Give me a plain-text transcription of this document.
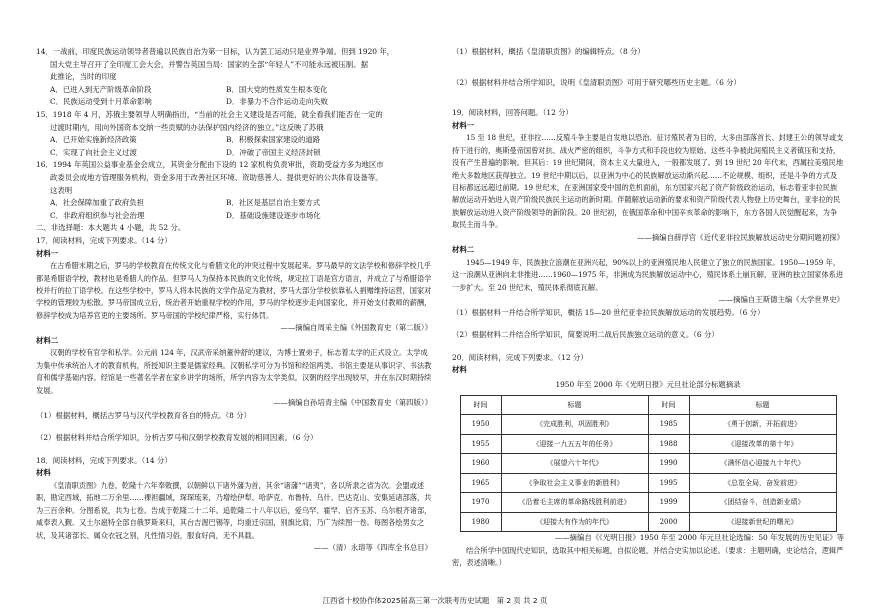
14．一战前，印度民族运动领导者普遍以民族自治为第一目标，认为罢工运动只是业界争端。但到 1920 年，

国大党主导召开了全印度工会大会，并警告英国当局：国家的全部“年轻人”不可能永远被压制。据

此推论，当时的印度

A．已进入到无产阶级革命阶段	B．国大党的性质发生根本变化
C．民族运动受到十月革命影响	D．非暴力不合作运动走向失败

15．1918 年 4 月，苏俄主要领导人明确指出，“当前的社会主义建设是否可能，就全看我们能否在一定的

过渡时期内，用向外国资本交纳一些贡赋的办法保护国内经济的独立。”这反映了苏俄

A．已开始实施新经济政策	B．积极探索国家建设的道路
C．实现了向社会主义过渡	D．冲破了帝国主义经济封锁

16．1994 年英国公益事业基金会成立，其资金分配由下设的 12 家机构负责审批，资助受益方多为地区市

政委员会成地方管理服务机构，资金多用于改善社区环境、资助慈善人、提供更好的公共体育设备等。

这表明

A．社会保障加重了政府负担	B．社区是基层自治主要方式
C．非政府组织参与社会治理	D．基础设施建设逐步市场化

二、非选择题：本大题共 4 小题，共 52 分。

17．阅读材料，完成下列要求。（14 分）

材料一

在古希腊末期之后，罗马的学校教育在传统文化与希腊文化的冲突过程中发展起来。罗马最早的文法学校和修辞学校几乎都是希腊语学校，教材也是希腊人的作品。但罗马人为保持本民族的文化传统，规定拉丁语是官方语言，并成立了与希腊语学校并行的拉丁语学校。在这些学校中，罗马人将本民族的文学作品定为教材，罗马大部分学校依靠私人捐赠维持运营，国家对学校的管理较为松散。罗马帝国成立后，统治者开始重视学校的作用，罗马的学校逐步走向国家化，并开始支付教师的薪酬，修辞学校成为培养官吏的主要场所。罗马帝国的学校纪律严格，实行体罚。

——摘编自周采主编《外国教育史（第二版）》

材料二

汉朝的学校有官学和私学。公元前 124 年，汉武帝采纳董仲舒的建议，为博士置弟子，标志着太学的正式设立。太学成为集中传承统治人才的教育机构，所授知识主要是儒家经典。汉朝私学可分为书馆和经馆两类。书馆主要是从事识字、书法教育和儒学基础内容。经馆是一些著名学者在家乡讲学的场所，所学内容为太学类似。汉朝的经学出现较早，并在东汉时期持续发展。

——摘编自孙培青主编《中国教育史（第四版）》

（1）根据材料，概括古罗马与汉代学校教育各自的特点。（8 分）

（2）根据材料并结合所学知识，分析古罗马和汉朝学校教育发展的相同因素。（6 分）

18．阅读材料，完成下列要求。（14 分）

材料

《皇清职贡图》九卷，乾隆十六年奉敕撰，以朝鲜以下诸外藩为首，其余“诸藩”“诸夷”，各以所隶之省为次。会盟或述职，勘定西域，拓地二万余里……裸袒疆域，琛琛琉来，乃增绘伊犁、哈萨克、布鲁特、乌什、巴达克山、安集延诸部落，共为三百余种。分图系说，共为七卷。告成于乾隆二十二年。追乾隆二十八年以后，爱乌罕、霍罕、启齐玉苏、乌尔根齐诸部，咸奉表入觐。又土尔扈特全部自俄罗斯来归，其台吉渥巴锡等，均重迁宗国，别旗比肩，乃广为续图一卷。每图各绘男女之状，及其诸部长、属众衣冠之别，凡性情习俗，服食好尚，无不具载。

——（清）永瑢等《四库全书总目》

（1）根据材料，概括《皇清职贡图》的编辑特点。（8 分）

（2）根据材料并结合所学知识，说明《皇清职贡图》可用于研究哪些历史主题。（6 分）

19．阅读材料，回答问题。（12 分）

材料一

15 至 18 世纪，亚非拉……反殖斗争主要是自发地以恐治、征讨殖民者为目的，大多由部落首长、封建王公的领导或支持下进行的，奥斯曼帝国曾对抗、战火严密的组织，斗争方式和手段也较为原始。这些斗争被此间殖民主义者镇压和支持，没有产生普遍的影响。但其后：19 世纪期间，资本主义大量进入，一般都发展了。到 19 世纪 20 年代末，西属拉美殖民地绝大多数地区获得独立。19 世纪中期以后，以亚洲为中心的民族解放运动渐兴起……不论规模、组织，还是斗争的方式及目标都远远超过前期。19 世纪末，在亚洲国家受中国的危机面前，东方国家兴起了资产阶级政治运动，标志着亚非拉民族解放运动开始进入资产阶级民族民主运动的新时期。伴随解放运动新的要求和资产阶级代表人物登上历史舞台，亚非拉的民族解放运动进入资产阶级领导的新阶段。20 世纪初，在俄国革命和中国辛亥革命的影响下，东方各国人民觉醒起来，为争取民主而斗争。

——摘编自薛浮官《近代亚非拉民族解放运动史分期问题初探》

材料二

1945—1949 年，民族独立浪潮在亚洲兴起，90%以上的亚洲殖民地人民建立了独立的民族国家。1950—1959 年，这一浪潮从亚洲向北非推进……1960—1975 年，非洲成为民族解放运动中心，殖民体系土崩瓦解，亚洲的独立国家体系进一步扩大。至 20 世纪末，殖民体系彻底瓦解。

——摘编自王斯德主编《大学世界史》

（1）根据材料一并结合所学知识，概括 15—20 世纪亚非拉民族解放运动的发展趋势。（6 分）

（2）根据材料二并结合所学知识，简要说明二战后民族独立运动的意义。（6 分）

20．阅读材料，完成下列要求。（12 分）

材料

1950 年至 2000 年《光明日报》元旦社论部分标题摘录

时间	标题	时间	标题
1950	《完成胜利，巩固胜利》	1985	《勇于创新，开拓前进》
1955	《迎接一九五五年的任务》	1988	《迎接改革的第十年》
1960	《展望六十年代》	1990	《满怀信心迎接九十年代》
1965	《争取社会主义事业的新胜利》	1995	《总览全局，奋发前进》
1970	《沿着毛主席的革命路线胜利前进》	1999	《团结奋斗，创造新业绩》
1980	《迎接大有作为的年代》	2000	《迎接新世纪的曙光》

——摘编自《《光明日报》1950 年至 2000 年元旦社论选编：50 年发展的历史见证》等

结合所学中国现代史知识，选取其中相关标题，自拟论题，并结合史实加以论述。（要求：主题明确，史论结合，逻辑严密，表述清晰。）

江西省十校协作体2025届高三第一次联考历史试题　第 2 页 共 2 页
